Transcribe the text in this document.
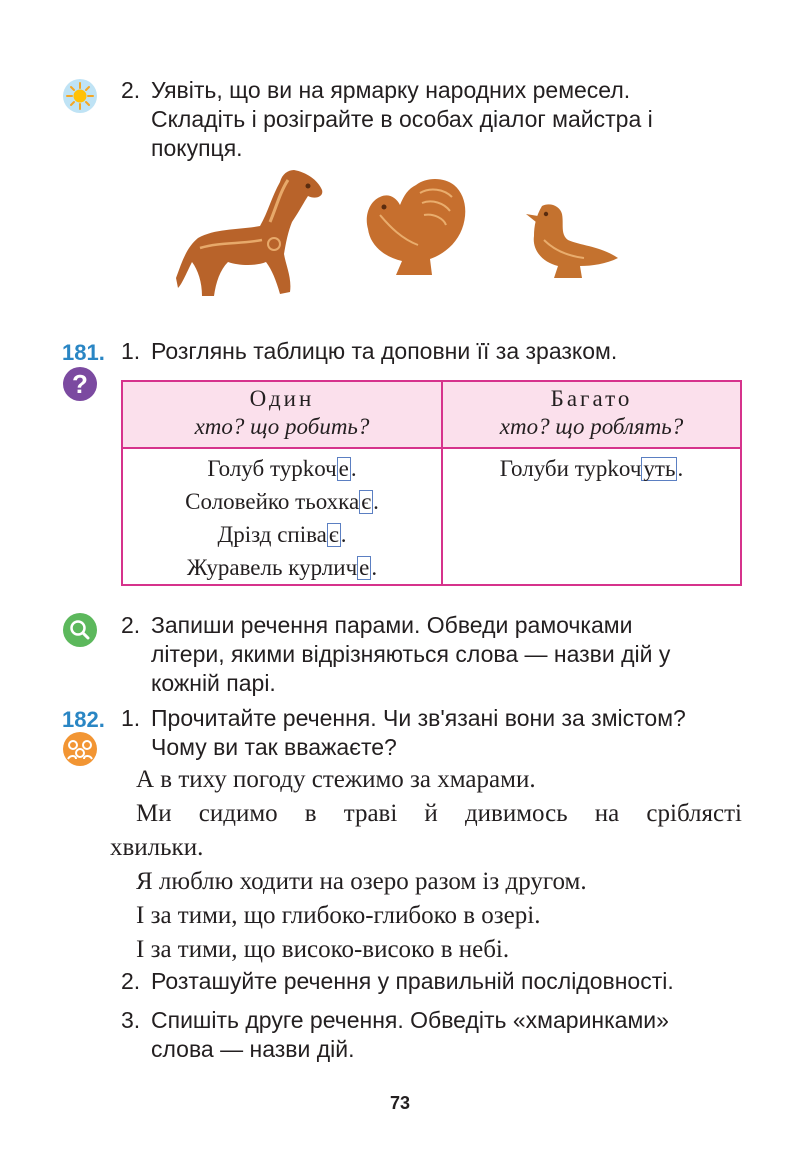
2. Уявіть, що ви на ярмарку народних ремесел.
Складіть і розіграйте в особах діалог майстра і
покупця.
181. 1. Розглянь таблицю та доповни її за зразком.
?	Один
хто? що робить?
Багато
хто? що роблять?
Голуб турkоче.
Соловейко тьохкає.
Дрізд співає.
Журавель курличе.
Голуби турkочуть.
2. Запиши речення парами. Обведи рамочками
літери, якими відрізняються слова — назви дій у
кожній парі.
182. 1. Прочитайте речення. Чи зв'язані вони за змістом?
Чому ви так вважаєте?
А в тиху погоду стежимо за хмарами.
Ми сидимо в траві й дивимось на сріблясті
хвильки.
Я люблю ходити на озеро разом із другом.
І за тими, що глибоко-глибоко в озері.
І за тими, що високо-високо в небі.
2. Розташуйте речення у правильній послідовності.
3. Спишіть друге речення. Обведіть «хмаринками»
слова — назви дій.
73
